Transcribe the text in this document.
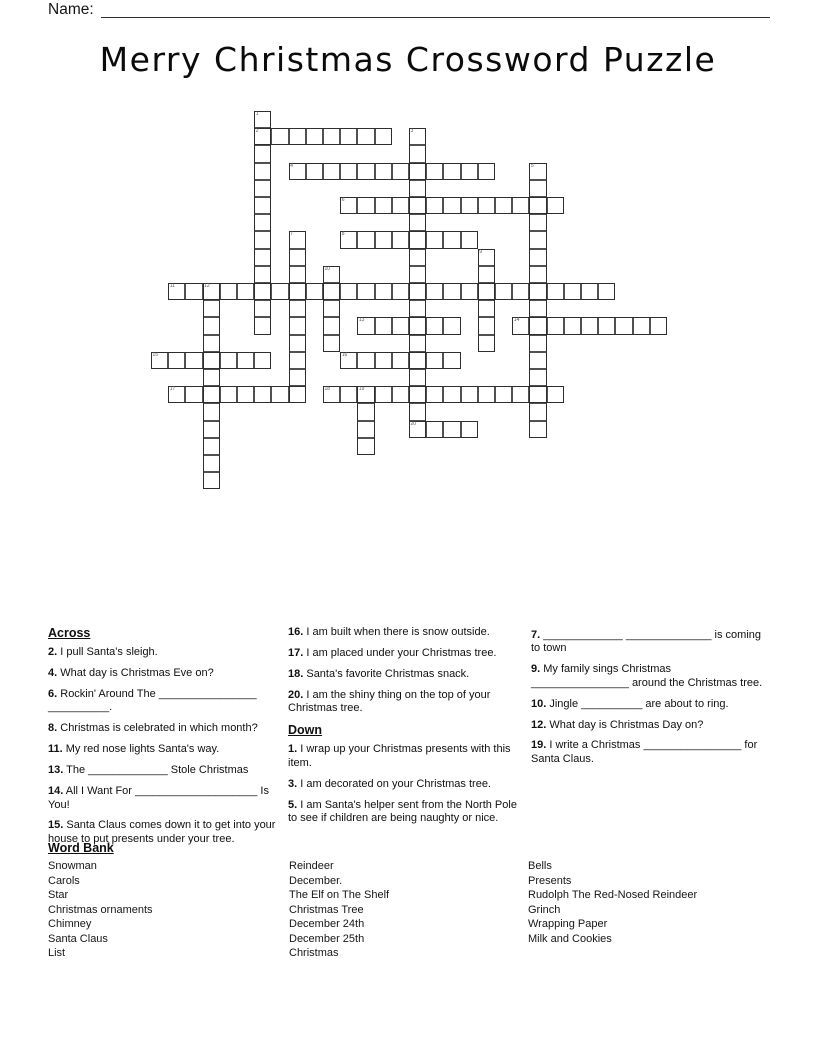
Name:
Merry Christmas Crossword Puzzle
1
2	3
4	5
6
7	8
9
10
11	12
13	14
15	16
17	18	19
20
Across
2. I pull Santa's sleigh.
4. What day is Christmas Eve on?
6. Rockin' Around The ________________ __________.
8. Christmas is celebrated in which month?
11. My red nose lights Santa's way.
13. The _____________ Stole Christmas
14. All I Want For ____________________ Is You!
15. Santa Claus comes down it to get into your house to put presents under your tree.
16. I am built when there is snow outside.
17. I am placed under your Christmas tree.
18. Santa's favorite Christmas snack.
20. I am the shiny thing on the top of your Christmas tree.
Down
1. I wrap up your Christmas presents with this item.
3. I am decorated on your Christmas tree.
5. I am Santa's helper sent from the North Pole to see if children are being naughty or nice.
7. _____________ ______________ is coming to town
9. My family sings Christmas ________________ around the Christmas tree.
10. Jingle __________ are about to ring.
12. What day is Christmas Day on?
19. I write a Christmas ________________ for Santa Claus.
Word Bank
Snowman
Carols
Star
Christmas ornaments
Chimney
Santa Claus
List
Reindeer
December.
The Elf on The Shelf
Christmas Tree
December 24th
December 25th
Christmas
Bells
Presents
Rudolph The Red-Nosed Reindeer
Grinch
Wrapping Paper
Milk and Cookies
